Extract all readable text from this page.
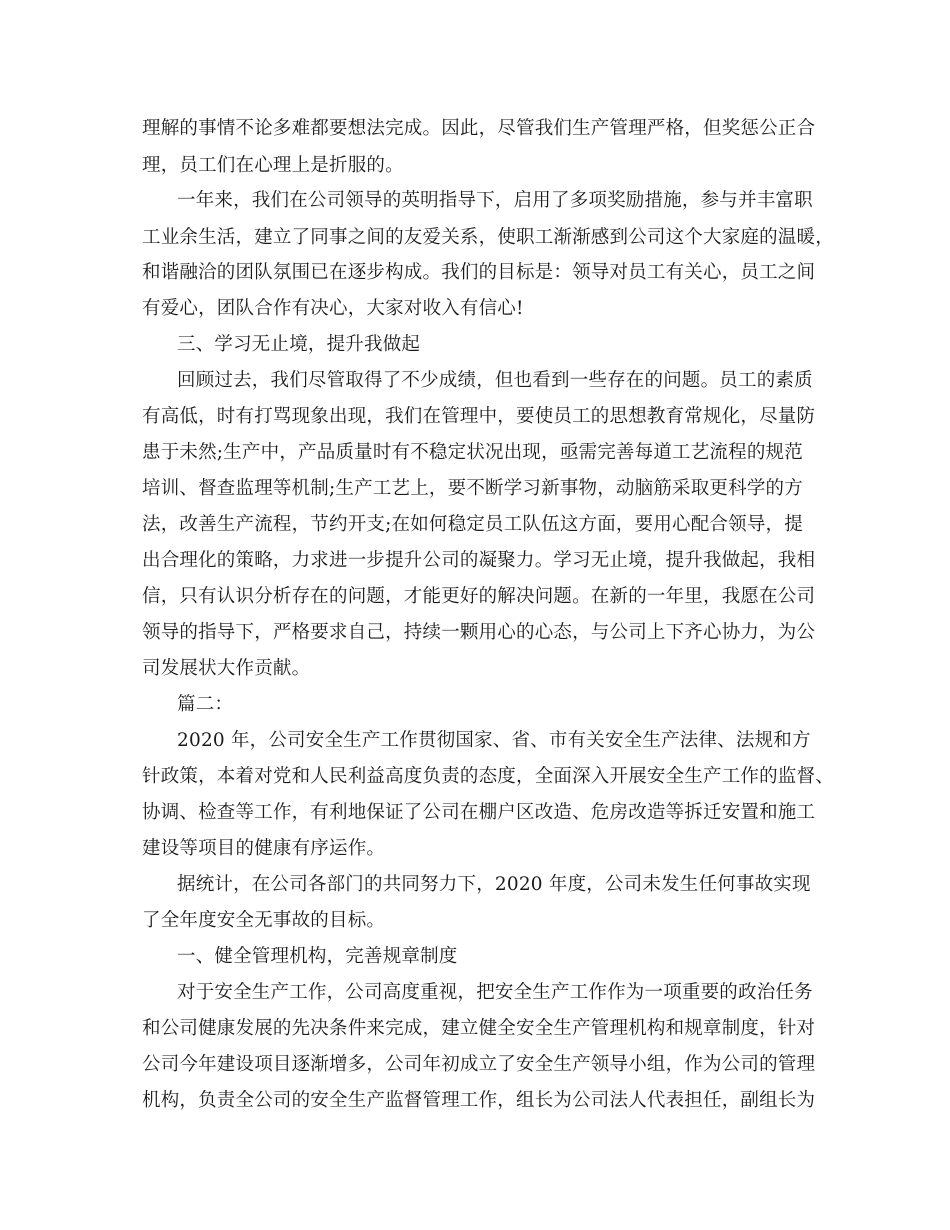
理解的事情不论多难都要想法完成。因此，尽管我们生产管理严格，但奖惩公正合
理，员工们在心理上是折服的。
一年来，我们在公司领导的英明指导下，启用了多项奖励措施，参与并丰富职
工业余生活，建立了同事之间的友爱关系，使职工渐渐感到公司这个大家庭的温暖，
和谐融洽的团队氛围已在逐步构成。我们的目标是：领导对员工有关心，员工之间
有爱心，团队合作有决心，大家对收入有信心!
三、学习无止境，提升我做起
回顾过去，我们尽管取得了不少成绩，但也看到一些存在的问题。员工的素质
有高低，时有打骂现象出现，我们在管理中，要使员工的思想教育常规化，尽量防
患于未然;生产中，产品质量时有不稳定状况出现，亟需完善每道工艺流程的规范
培训、督查监理等机制;生产工艺上，要不断学习新事物，动脑筋采取更科学的方
法，改善生产流程，节约开支;在如何稳定员工队伍这方面，要用心配合领导，提
出合理化的策略，力求进一步提升公司的凝聚力。学习无止境，提升我做起，我相
信，只有认识分析存在的问题，才能更好的解决问题。在新的一年里，我愿在公司
领导的指导下，严格要求自己，持续一颗用心的心态，与公司上下齐心协力，为公
司发展状大作贡献。
篇二：
2020 年，公司安全生产工作贯彻国家、省、市有关安全生产法律、法规和方
针政策，本着对党和人民利益高度负责的态度，全面深入开展安全生产工作的监督、
协调、检查等工作，有利地保证了公司在棚户区改造、危房改造等拆迁安置和施工
建设等项目的健康有序运作。
据统计，在公司各部门的共同努力下，2020 年度，公司未发生任何事故实现
了全年度安全无事故的目标。
一、健全管理机构，完善规章制度
对于安全生产工作，公司高度重视，把安全生产工作作为一项重要的政治任务
和公司健康发展的先决条件来完成，建立健全安全生产管理机构和规章制度，针对
公司今年建设项目逐渐增多，公司年初成立了安全生产领导小组，作为公司的管理
机构，负责全公司的安全生产监督管理工作，组长为公司法人代表担任，副组长为
